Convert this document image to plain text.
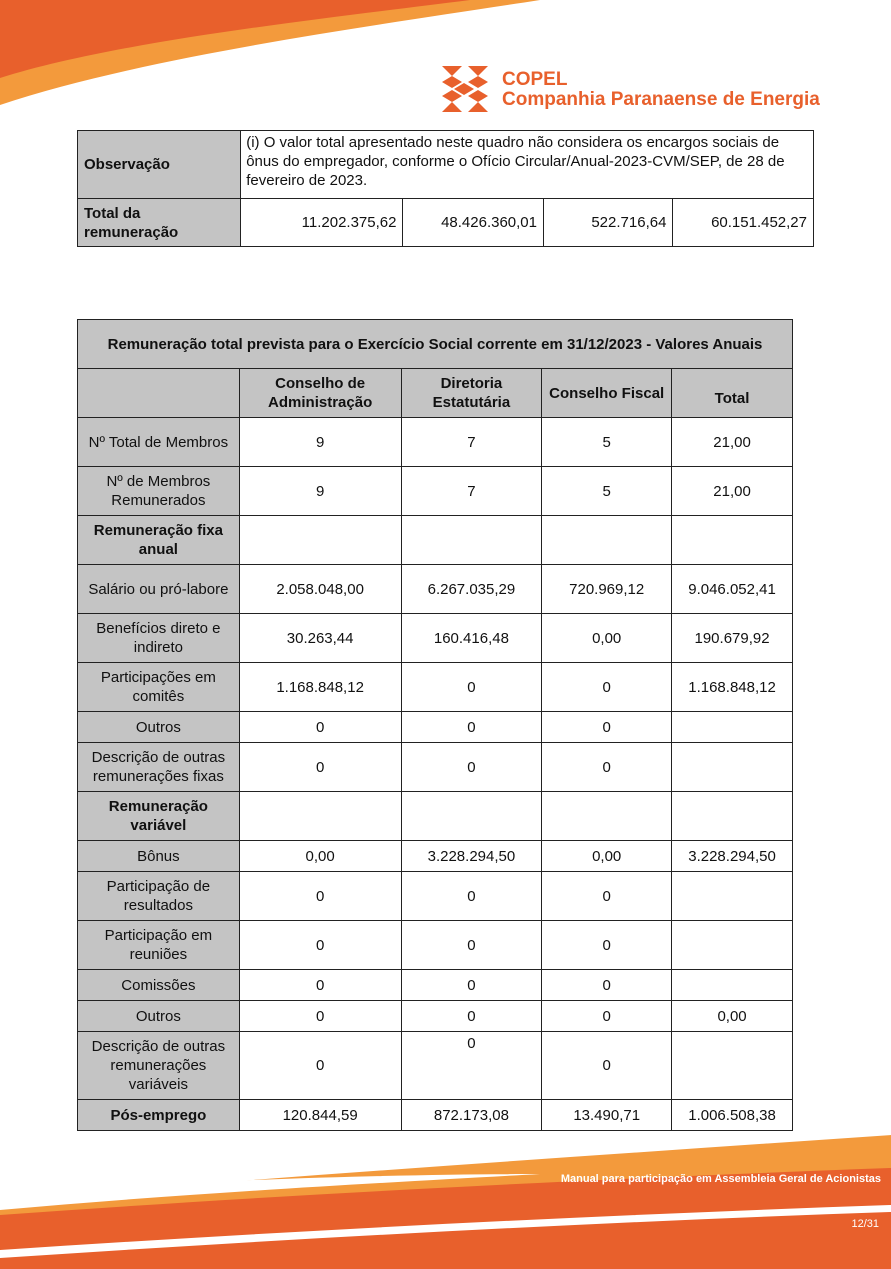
COPEL
Companhia Paranaense de Energia
Observação	(i) O valor total apresentado neste quadro não considera os encargos sociais de ônus do empregador, conforme o Ofício Circular/Anual-2023-CVM/SEP, de 28 de fevereiro de 2023.			
Total da remuneração	11.202.375,62	48.426.360,01	522.716,64	60.151.452,27
Remuneração total prevista para o Exercício Social corrente em 31/12/2023 - Valores Anuais				
	Conselho de Administração	Diretoria Estatutária	Conselho Fiscal	Total
Nº Total de Membros	9	7	5	21,00
Nº de Membros Remunerados	9	7	5	21,00
Remuneração fixa anual				
Salário ou pró-labore	2.058.048,00	6.267.035,29	720.969,12	9.046.052,41
Benefícios direto e indireto	30.263,44	160.416,48	0,00	190.679,92
Participações em comitês	1.168.848,12	0	0	1.168.848,12
Outros	0	0	0	
Descrição de outras remunerações fixas	0	0	0	
Remuneração variável				
Bônus	0,00	3.228.294,50	0,00	3.228.294,50
Participação de resultados	0	0	0	
Participação em reuniões	0	0	0	
Comissões	0	0	0	
Outros	0	0	0	0,00
Descrição de outras remunerações variáveis	0	0	0	
Pós-emprego	120.844,59	872.173,08	13.490,71	1.006.508,38
Manual para participação em Assembleia Geral de Acionistas
12/31
